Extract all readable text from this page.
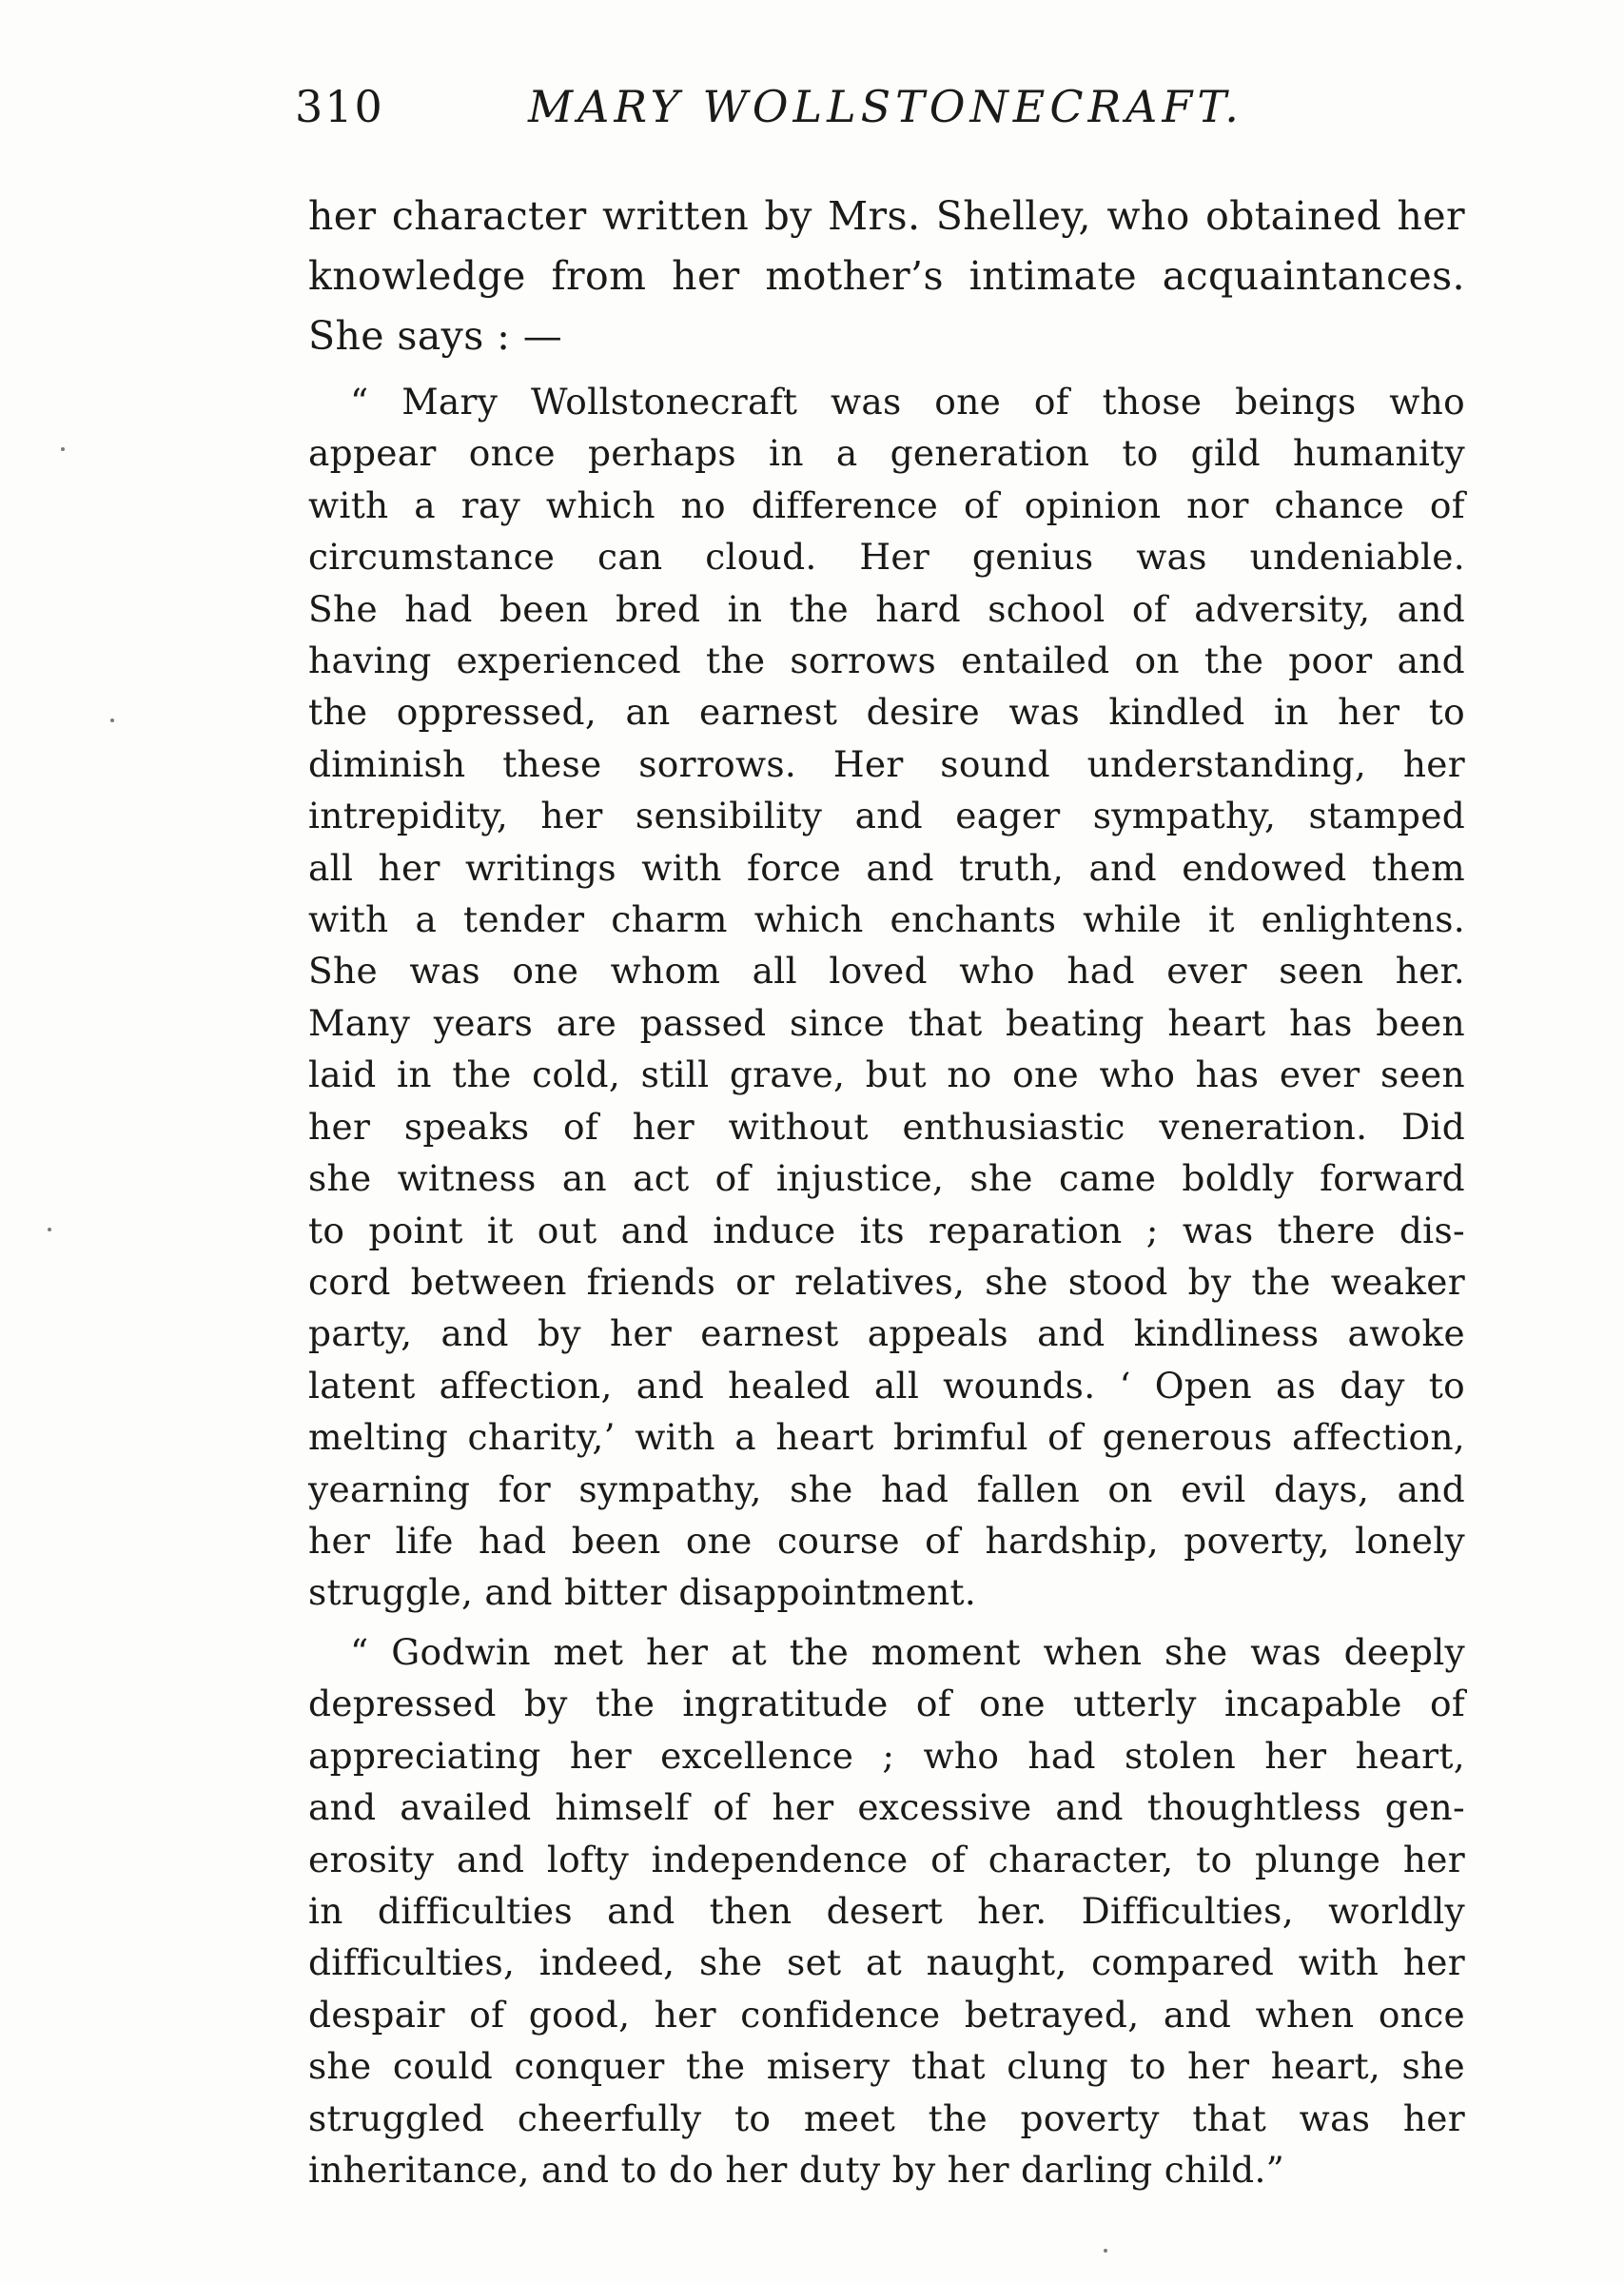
310	MARY WOLLSTONECRAFT.
her character written by Mrs. Shelley, who obtained her
knowledge from her mother’s intimate acquaintances.
She says : —
“ Mary Wollstonecraft was one of those beings who
appear once perhaps in a generation to gild humanity
with a ray which no difference of opinion nor chance of
circumstance can cloud. Her genius was undeniable.
She had been bred in the hard school of adversity, and
having experienced the sorrows entailed on the poor and
the oppressed, an earnest desire was kindled in her to
diminish these sorrows. Her sound understanding, her
intrepidity, her sensibility and eager sympathy, stamped
all her writings with force and truth, and endowed them
with a tender charm which enchants while it enlightens.
She was one whom all loved who had ever seen her.
Many years are passed since that beating heart has been
laid in the cold, still grave, but no one who has ever seen
her speaks of her without enthusiastic veneration. Did
she witness an act of injustice, she came boldly forward
to point it out and induce its reparation ; was there dis-
cord between friends or relatives, she stood by the weaker
party, and by her earnest appeals and kindliness awoke
latent affection, and healed all wounds. ‘ Open as day to
melting charity,’ with a heart brimful of generous affection,
yearning for sympathy, she had fallen on evil days, and
her life had been one course of hardship, poverty, lonely
struggle, and bitter disappointment.
“ Godwin met her at the moment when she was deeply
depressed by the ingratitude of one utterly incapable of
appreciating her excellence ; who had stolen her heart,
and availed himself of her excessive and thoughtless gen-
erosity and lofty independence of character, to plunge her
in difficulties and then desert her. Difficulties, worldly
difficulties, indeed, she set at naught, compared with her
despair of good, her confidence betrayed, and when once
she could conquer the misery that clung to her heart, she
struggled cheerfully to meet the poverty that was her
inheritance, and to do her duty by her darling child.”
